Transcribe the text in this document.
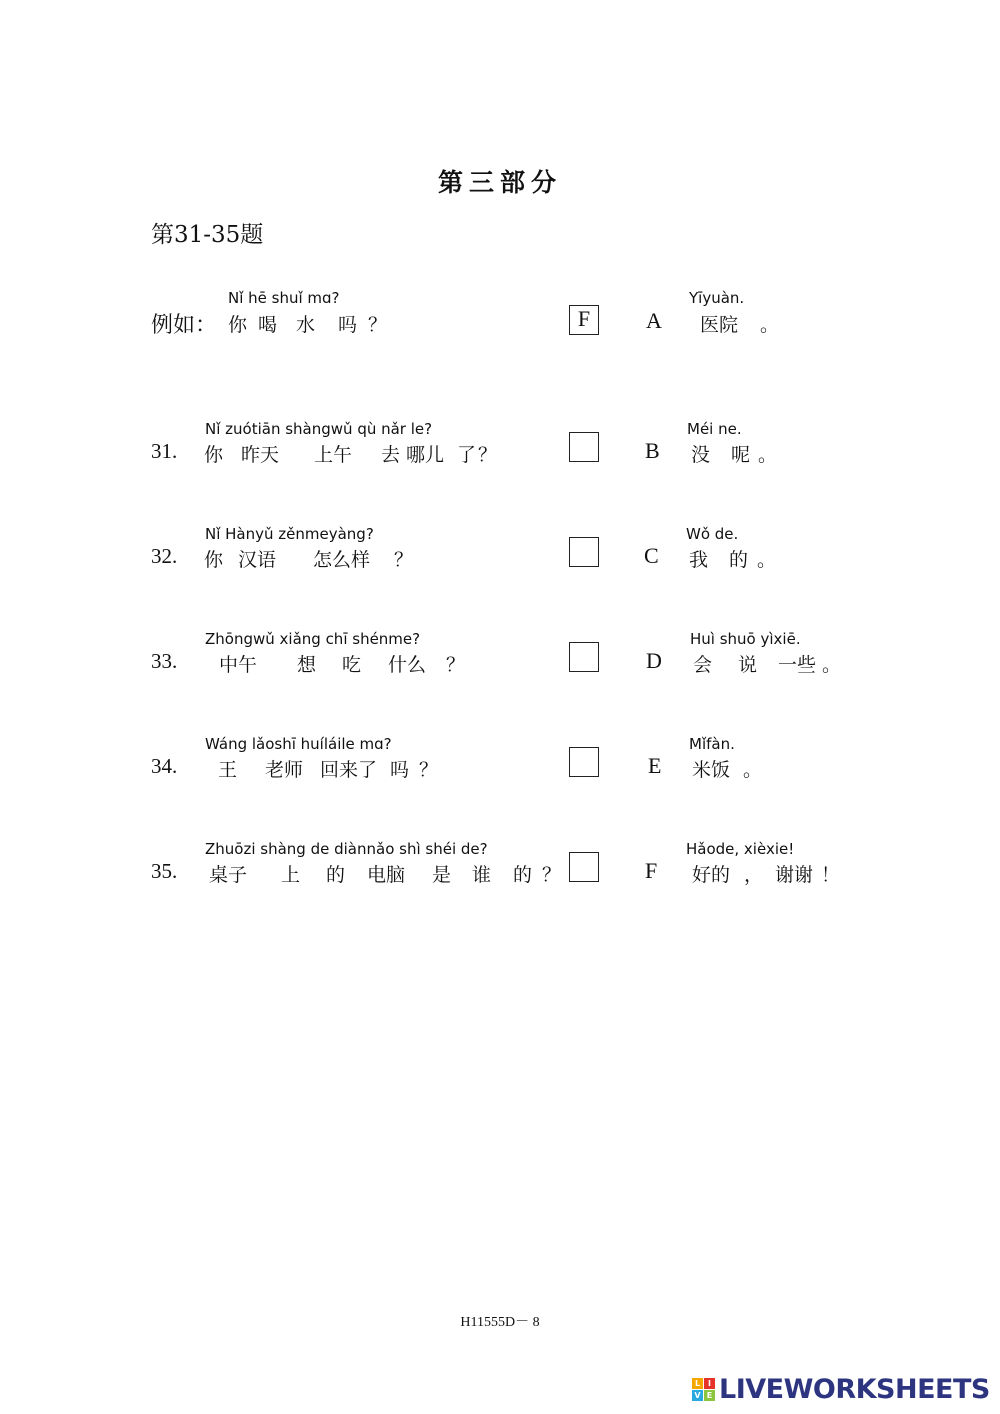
第三部分
第31-35题
Nǐ hē shuǐ mɑ?
例如： 你 喝 水 吗 ？	F
Nǐ zuótiān shàngwǔ qù nǎr le?
31. 你 昨天 上午 去 哪儿 了 ？
Nǐ Hànyǔ zěnmeyàng?
32. 你 汉语 怎么样 ？
Zhōngwǔ xiǎng chī shénme?
33. 中午 想 吃 什么 ？
Wáng lǎoshī huíláile mɑ?
34. 王 老师 回来了 吗 ？
Zhuōzi shàng de diànnǎo shì shéi de?
35. 桌子 上 的 电脑 是 谁 的 ？
A
Yīyuàn.
医院 。
B
Méi ne.
没 呢 。
C
Wǒ de.
我 的 。
D
Huì shuō yìxiē.
会 说 一些 。
E
Mǐfàn.
米饭 。
F
Hǎode, xièxie!
好的 ， 谢谢 ！
H11555D－ 8
L I
V E LIVEWORKSHEETS
